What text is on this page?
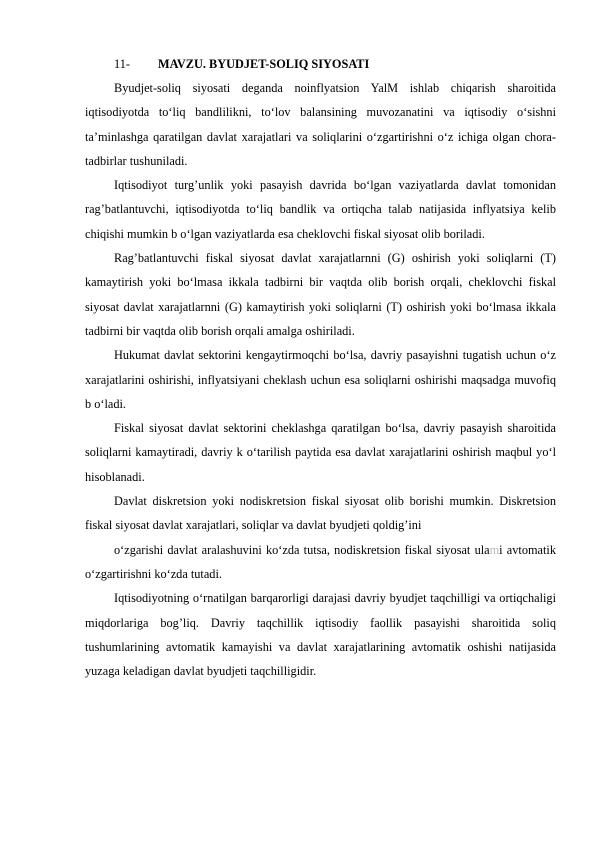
11- MAVZU. BYUDJET-SOLIQ SIYOSATI

Byudjet-soliq siyosati deganda noinflyatsion YalM ishlab chiqarish sharoitida iqtisodiyotda to‘liq bandlilikni, to‘lov balansining muvozanatini va iqtisodiy o‘sishni ta’minlashga qaratilgan davlat xarajatlari va soliqlarini o‘zgartirishni o‘z ichiga olgan chora-tadbirlar tushuniladi.

Iqtisodiyot turg’unlik yoki pasayish davrida bo‘lgan vaziyatlarda davlat tomonidan rag’batlantuvchi, iqtisodiyotda to‘liq bandlik va ortiqcha talab natijasida inflyatsiya kelib chiqishi mumkin b o‘lgan vaziyatlarda esa cheklovchi fiskal siyosat olib boriladi.

Rag’batlantuvchi fiskal siyosat davlat xarajatlarnni (G) oshirish yoki soliqlarni (T) kamaytirish yoki bo‘lmasa ikkala tadbirni bir vaqtda olib borish orqali, cheklovchi fiskal siyosat davlat xarajatlarnni (G) kamaytirish yoki soliqlarni (T) oshirish yoki bo‘lmasa ikkala tadbirni bir vaqtda olib borish orqali amalga oshiriladi.

Hukumat davlat sektorini kengaytirmoqchi bo‘lsa, davriy pasayishni tugatish uchun o‘z xarajatlarini oshirishi, inflyatsiyani cheklash uchun esa soliqlarni oshirishi maqsadga muvofiq b o‘ladi.

Fiskal siyosat davlat sektorini cheklashga qaratilgan bo‘lsa, davriy pasayish sharoitida soliqlarni kamaytiradi, davriy k o‘tarilish paytida esa davlat xarajatlarini oshirish maqbul yo‘l hisoblanadi.

Davlat diskretsion yoki nodiskretsion fiskal siyosat olib borishi mumkin. Diskretsion fiskal siyosat davlat xarajatlari, soliqlar va davlat byudjeti qoldig’ini

o‘zgarishi davlat aralashuvini ko‘zda tutsa, nodiskretsion fiskal siyosat ulami avtomatik o‘zgartirishni ko‘zda tutadi.

Iqtisodiyotning o‘rnatilgan barqarorligi darajasi davriy byudjet taqchilligi va ortiqchaligi miqdorlariga bog’liq. Davriy taqchillik iqtisodiy faollik pasayishi sharoitida soliq tushumlarining avtomatik kamayishi va davlat xarajatlarining avtomatik oshishi natijasida yuzaga keladigan davlat byudjeti taqchilligidir.
